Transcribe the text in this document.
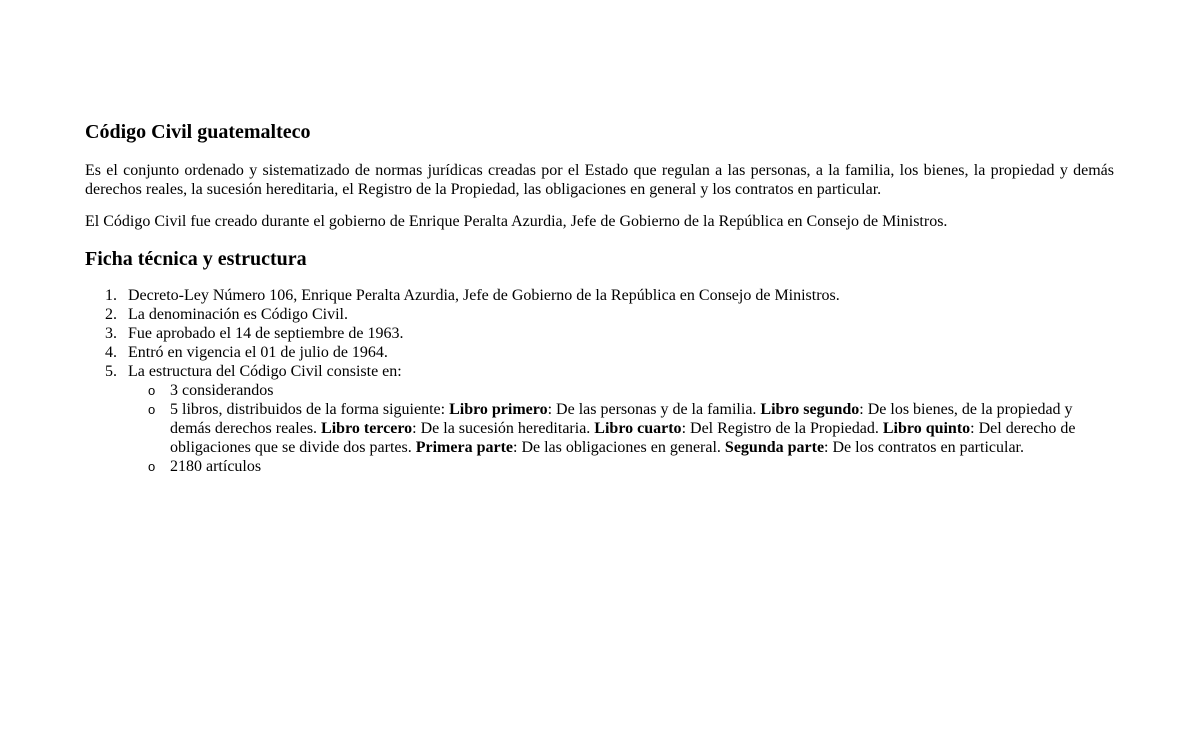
Código Civil guatemalteco

Es el conjunto ordenado y sistematizado de normas jurídicas creadas por el Estado que regulan a las personas, a la familia, los bienes, la propiedad y demás derechos reales, la sucesión hereditaria, el Registro de la Propiedad, las obligaciones en general y los contratos en particular.

El Código Civil fue creado durante el gobierno de Enrique Peralta Azurdia, Jefe de Gobierno de la República en Consejo de Ministros.

Ficha técnica y estructura
1. Decreto-Ley Número 106, Enrique Peralta Azurdia, Jefe de Gobierno de la República en Consejo de Ministros.
2. La denominación es Código Civil.
3. Fue aprobado el 14 de septiembre de 1963.
4. Entró en vigencia el 01 de julio de 1964.
5. La estructura del Código Civil consiste en:
o 3 considerandos
o 5 libros, distribuidos de la forma siguiente: Libro primero: De las personas y de la familia. Libro segundo: De los bienes, de la propiedad y demás derechos reales. Libro tercero: De la sucesión hereditaria. Libro cuarto: Del Registro de la Propiedad. Libro quinto: Del derecho de obligaciones que se divide dos partes. Primera parte: De las obligaciones en general. Segunda parte: De los contratos en particular.
o 2180 artículos
